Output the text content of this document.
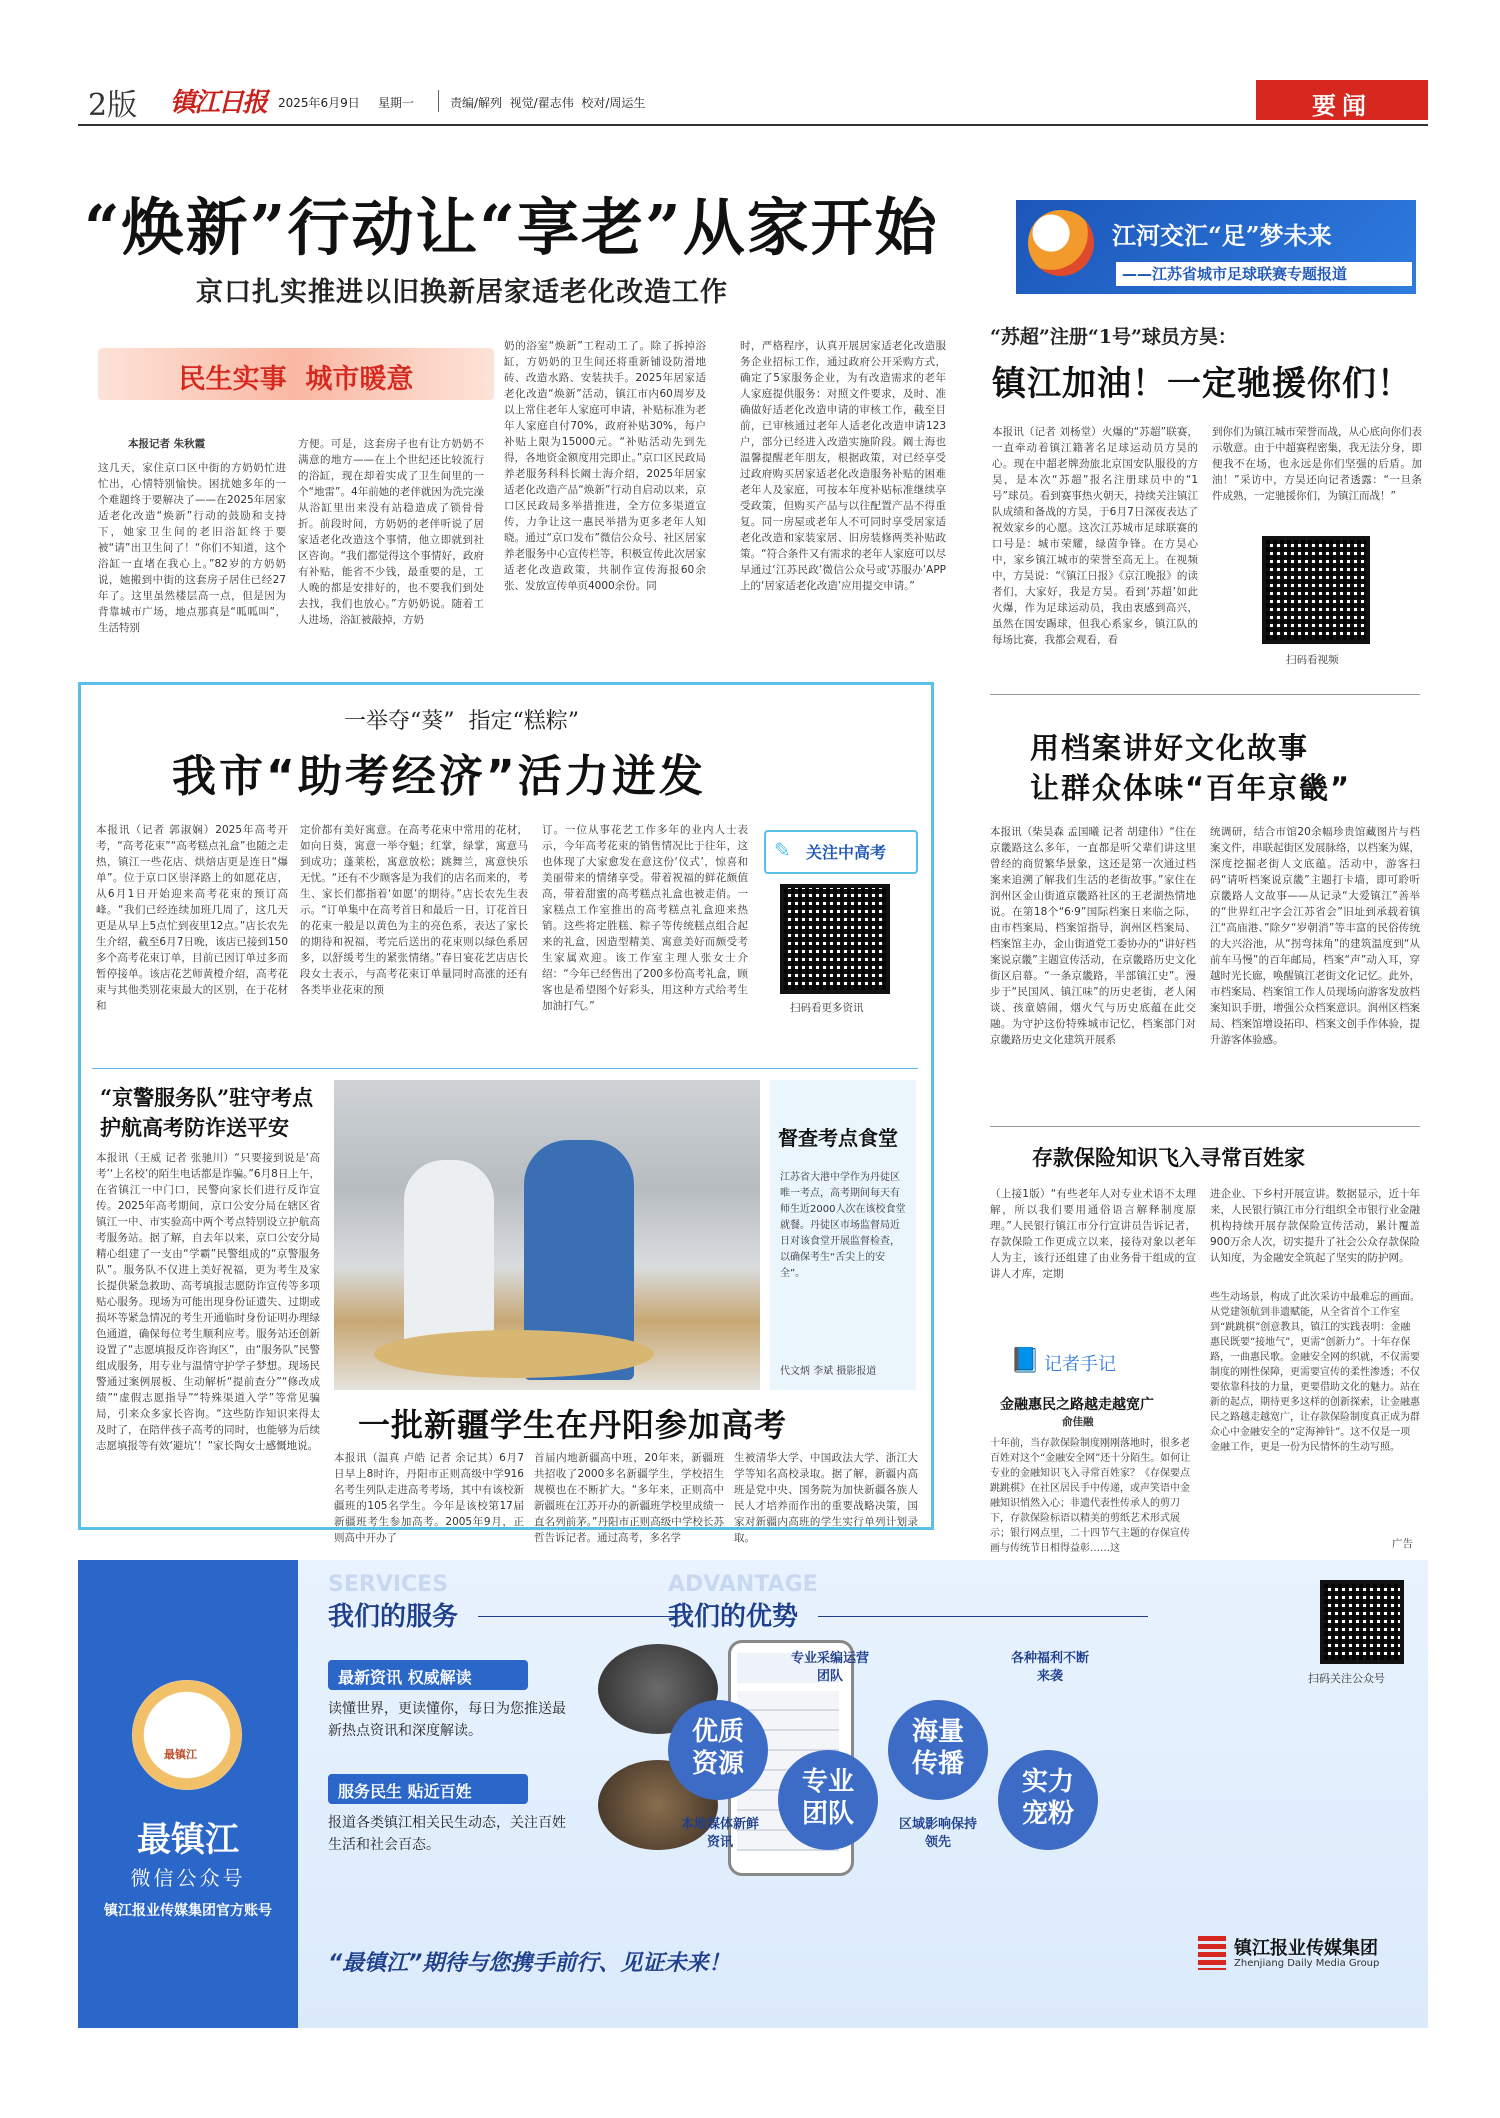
2版 镇江日报 2025年6月9日 星期一	责编/解列  视觉/翟志伟  校对/周运生	要闻
“焕新”行动让“享老”从家开始
京口扎实推进以旧换新居家适老化改造工作
民生实事  城市暖意
本报记者 朱秋霞
这几天，家住京口区中街的方奶奶忙进忙出，心情特别愉快。困扰她多年的一个难题终于要解决了——在2025年居家适老化改造“焕新”行动的鼓励和支持下，她家卫生间的老旧浴缸终于要被“请”出卫生间了！“你们不知道，这个浴缸一直堵在我心上。”82岁的方奶奶说，她搬到中街的这套房子居住已经27年了。这里虽然楼层高一点，但是因为背靠城市广场，地点那真是“呱呱叫”，生活特别
方便。可是，这套房子也有让方奶奶不满意的地方——在上个世纪还比较流行的浴缸，现在却着实成了卫生间里的一个“地雷”。4年前她的老伴就因为洗完澡从浴缸里出来没有站稳造成了锁骨骨折。前段时间，方奶奶的老伴听说了居家适老化改造这个事情，他立即就到社区咨询。“我们都觉得这个事情好，政府有补贴，能省不少钱，最重要的是，工人晚的都是安排好的，也不要我们到处去找，我们也放心。”方奶奶说。随着工人进场，浴缸被敲掉，方奶
奶的浴室“焕新”工程动工了。除了拆掉浴缸，方奶奶的卫生间还将重新铺设防滑地砖、改造水路、安装扶手。2025年居家适老化改造“焕新”活动，镇江市内60周岁及以上常住老年人家庭可申请，补贴标准为老年人家庭自付70%，政府补贴30%，每户补贴上限为15000元。“补贴活动先到先得，各地资金额度用完即止。”京口区民政局养老服务科科长阚士海介绍，2025年居家适老化改造产品“焕新”行动自启动以来，京口区民政局多举措推进，全方位多渠道宣传，力争让这一惠民举措为更多老年人知晓。通过“京口发布”微信公众号、社区居家养老服务中心宣传栏等，积极宣传此次居家适老化改造政策，共制作宣传海报60余张、发放宣传单页4000余份。同
时，严格程序，认真开展居家适老化改造服务企业招标工作，通过政府公开采购方式，确定了5家服务企业，为有改造需求的老年人家庭提供服务：对照文件要求，及时、准确做好适老化改造申请的审核工作，截至目前，已审核通过老年人适老化改造申请123户，部分已经进入改造实施阶段。阚士海也温馨提醒老年朋友，根据政策，对已经享受过政府购买居家适老化改造服务补贴的困难老年人及家庭，可按本年度补贴标准继续享受政策，但购买产品与以往配置产品不得重复。同一房屋或老年人不可同时享受居家适老化改造和家装家居、旧房装修两类补贴政策。“符合条件又有需求的老年人家庭可以尽早通过‘江苏民政’微信公众号或‘苏服办’APP上的‘居家适老化改造’应用提交申请。”
江河交汇“足”梦未来
——江苏省城市足球联赛专题报道
“苏超”注册“1号”球员方昊：
镇江加油！一定驰援你们！
本报讯（记者 刘杨堂）火爆的“苏超”联赛，一直牵动着镇江籍著名足球运动员方昊的心。现在中超老牌劲旅北京国安队服役的方昊，是本次“苏超”报名注册球员中的“1号”球员。看到赛事热火朝天，持续关注镇江队成绩和备战的方昊，于6月7日深夜表达了祝效家乡的心愿。这次江苏城市足球联赛的口号是：城市荣耀，绿茵争锋。在方昊心中，家乡镇江城市的荣誉至高无上。在视频中，方昊说：“《镇江日报》《京江晚报》的读者们，大家好，我是方昊。看到‘苏超’如此火爆，作为足球运动员，我由衷感到高兴，虽然在国安踢球，但我心系家乡，镇江队的每场比赛，我都会观看，看
到你们为镇江城市荣誉而战，从心底向你们表示敬意。由于中超赛程密集，我无法分身，即便我不在场，也永远是你们坚强的后盾。加油！”采访中，方昊还向记者透露：“一旦条件成熟，一定驰援你们，为镇江而战！”
扫码看视频
一举夺“葵”  指定“糕粽”
我市“助考经济”活力迸发
本报讯（记者 郭淑娴）2025年高考开考，“高考花束”“高考糕点礼盒”也随之走热，镇江一些花店、烘焙店更是连日“爆单”。位于京口区崇泽路上的如愿花店，从6月1日开始迎来高考花束的预订高峰。“我们已经连续加班几周了，这几天更是从早上5点忙到夜里12点。”店长农先生介绍，截至6月7日晚，该店已接到150多个高考花束订单，目前已因订单过多而暂停接单。该店花艺师黄橙介绍，高考花束与其他类别花束最大的区别，在于花材和
定价都有美好寓意。在高考花束中常用的花材，如向日葵，寓意一举夺魁；红掌，绿掌，寓意马到成功；蓬莱松，寓意放松；跳舞兰，寓意快乐无忧。“还有不少顾客是为我们的店名而来的，考生、家长们都指着‘如愿’的期待。”店长农先生表示。“订单集中在高考首日和最后一日，订花首日的花束一般是以黄色为主的亮色系，表达了家长的期待和祝福，考完后送出的花束则以绿色系居多，以舒缓考生的紧张情绪。”春日宴花艺店店长段女士表示，与高考花束订单量同时高涨的还有各类毕业花束的预
订。一位从事花艺工作多年的业内人士表示，今年高考花束的销售情况比于往年，这也体现了大家愈发在意这份‘仪式’，惊喜和美丽带来的情绪享受。带着祝福的鲜花颇值高，带着甜蜜的高考糕点礼盒也被走俏。一家糕点工作室推出的高考糕点礼盒迎来热销。这些将定胜糕、粽子等传统糕点组合起来的礼盒，因造型精美、寓意美好而颇受考生家属欢迎。该工作室主理人张女士介绍：“今年已经售出了200多份高考礼盒，顾客也是希望图个好彩头，用这种方式给考生加油打气。”
关注中高考
✎
扫码看更多资讯
“京警服务队”驻守考点
护航高考防诈送平安
本报讯（王威 记者 张驰川）“只要接到说是‘高考’‘上名校’的陌生电话都是诈骗。”6月8日上午，在省镇江一中门口，民警向家长们进行反诈宣传。2025年高考期间，京口公安分局在辖区省镇江一中、市实验高中两个考点特别设立护航高考服务站。据了解，自去年以来，京口公安分局精心组建了一支由“学霸”民警组成的“京警服务队”。服务队不仅进上美好祝福，更为考生及家长提供紧急救助、高考填报志愿防诈宣传等多项贴心服务。现场为可能出现身份证遗失、过期或损坏等紧急情况的考生开通临时身份证明办理绿色通道，确保每位考生顺利应考。服务站还创新设置了“志愿填报反诈咨询区”，由“服务队”民警组成服务，用专业与温情守护学子梦想。现场民警通过案例展板、生动解析“提前查分”“修改成绩”“虚假志愿指导”“特殊渠道入学”等常见骗局，引来众多家长咨询。“这些防诈知识来得太及时了，在陪伴孩子高考的同时，也能够为后续志愿填报等有效‘避坑’！”家长陶女士感慨地说。
督查考点食堂
江苏省大港中学作为丹徒区唯一考点，高考期间每天有师生近2000人次在该校食堂就餐。丹徒区市场监督局近日对该食堂开展监督检查，以确保考生“舌尖上的安全”。
代文炳 李斌 摄影报道
一批新疆学生在丹阳参加高考
本报讯（温真 卢皓 记者 余记其）6月7日早上8时许，丹阳市正则高级中学916名考生列队走进高考考场，其中有该校新疆班的105名学生。今年是该校第17届新疆班考生参加高考。2005年9月，正则高中开办了
首届内地新疆高中班，20年来，新疆班共招收了2000多名新疆学生，学校招生规模也在不断扩大。“多年来，正则高中新疆班在江苏开办的新疆班学校里成绩一直名列前茅。”丹阳市正则高级中学校长苏哲告诉记者。通过高考，多名学
生被清华大学、中国政法大学、浙江大学等知名高校录取。据了解，新疆内高班是党中央、国务院为加快新疆各族人民人才培养而作出的重要战略决策，国家对新疆内高班的学生实行单列计划录取。
用档案讲好文化故事
让群众体味“百年京畿”
本报讯（柴昊森 孟国曦 记者 胡建伟）“住在京畿路这么多年，一直都是听父辈们讲这里曾经的商贸繁华景象，这还是第一次通过档案来追溯了解我们生活的老街故事。”家住在润州区金山街道京畿路社区的王老湖热情地说。在第18个“6·9”国际档案日来临之际，由市档案局、档案馆指导，润州区档案局、档案馆主办，金山街道党工委协办的“讲好档案说京畿”主题宣传活动，在京畿路历史文化街区启幕。“一条京畿路，半部镇江史”。漫步于“民国风、镇江味”的历史老街，老人闲谈、孩童嬉闹，烟火气与历史底蕴在此交融。为守护这份特殊城市记忆，档案部门对京畿路历史文化建筑开展系
统调研，结合市馆20余幅珍贵馆藏图片与档案文件，串联起街区发展脉络，以档案为媒，深度挖掘老街人文底蕴。活动中，游客扫码“请听档案说京畿”主题打卡墙，即可聆听京畿路人文故事——从记录“大爱镇江”善举的“世界红卍字会江苏省会”旧址到承载着镇江“高庙港、”除夕“岁朝消”等丰富的民俗传统的大兴浴池，从“拐弯抹角”的建筑温度到“从前车马慢”的百年邮局，档案“声”动入耳，穿越时光长廊，唤醒镇江老街文化记忆。此外，市档案局、档案馆工作人员现场向游客发放档案知识手册，增强公众档案意识。润州区档案局、档案馆增设拓印、档案文创手作体验，提升游客体验感。
存款保险知识飞入寻常百姓家
（上接1版）“有些老年人对专业术语不太理解，所以我们要用通俗语言解释制度原理。”人民银行镇江市分行宣讲员告诉记者，存款保险工作更成立以来，接待对象以老年人为主，该行还组建了由业务骨干组成的宣讲人才库，定期
进企业、下乡村开展宣讲。数据显示，近十年来，人民银行镇江市分行组织全市银行业金融机构持续开展存款保险宣传活动，累计覆盖900万余人次，切实提升了社会公众存款保险认知度，为金融安全筑起了坚实的防护网。
📘 记者手记
金融惠民之路越走越宽广
俞佳融
十年前，当存款保险制度刚刚落地时，很多老百姓对这个“金融安全网”还十分陌生。如何让专业的金融知识飞入寻常百姓家？《存保要点跳跳棋》在社区居民手中传递，或声笑语中金融知识悄然入心；非遗代表性传承人的剪刀下，存款保险标语以精美的剪纸艺术形式展示；银行网点里，二十四节气主题的存保宣传画与传统节日相得益彰……这
些生动场景，构成了此次采访中最难忘的画面。从党建领航到非遗赋能，从全省首个工作室到“跳跳棋”创意教具，镇江的实践表明：金融惠民既要“接地气”，更需“创新力”。十年存保路，一曲惠民歌。金融安全网的织就，不仅需要制度的刚性保障，更需要宣传的柔性渗透；不仅要依靠科技的力量，更要借助文化的魅力。站在新的起点，期待更多这样的创新探索，让金融惠民之路越走越宽广，让存款保险制度真正成为群众心中金融安全的“定海神针”。这不仅是一项金融工作，更是一份为民情怀的生动写照。
广告
最镇江
最镇江
微信公众号
镇江报业传媒集团官方账号
SERVICES
我们的服务
最新资讯 权威解读
读懂世界，更读懂你，每日为您推送最新热点资讯和深度解读。
服务民生 贴近百姓
报道各类镇江相关民生动态，关注百姓生活和社会百态。
ADVANTAGE
我们的优势
优质资源
本地媒体新鲜资讯
专业采编运营团队
专业团队
海量传播
区域影响保持领先
各种福利不断来袭
实力宠粉
扫码关注公众号
“最镇江”期待与您携手前行、见证未来！
镇江报业传媒集团
Zhenjiang Daily Media Group
